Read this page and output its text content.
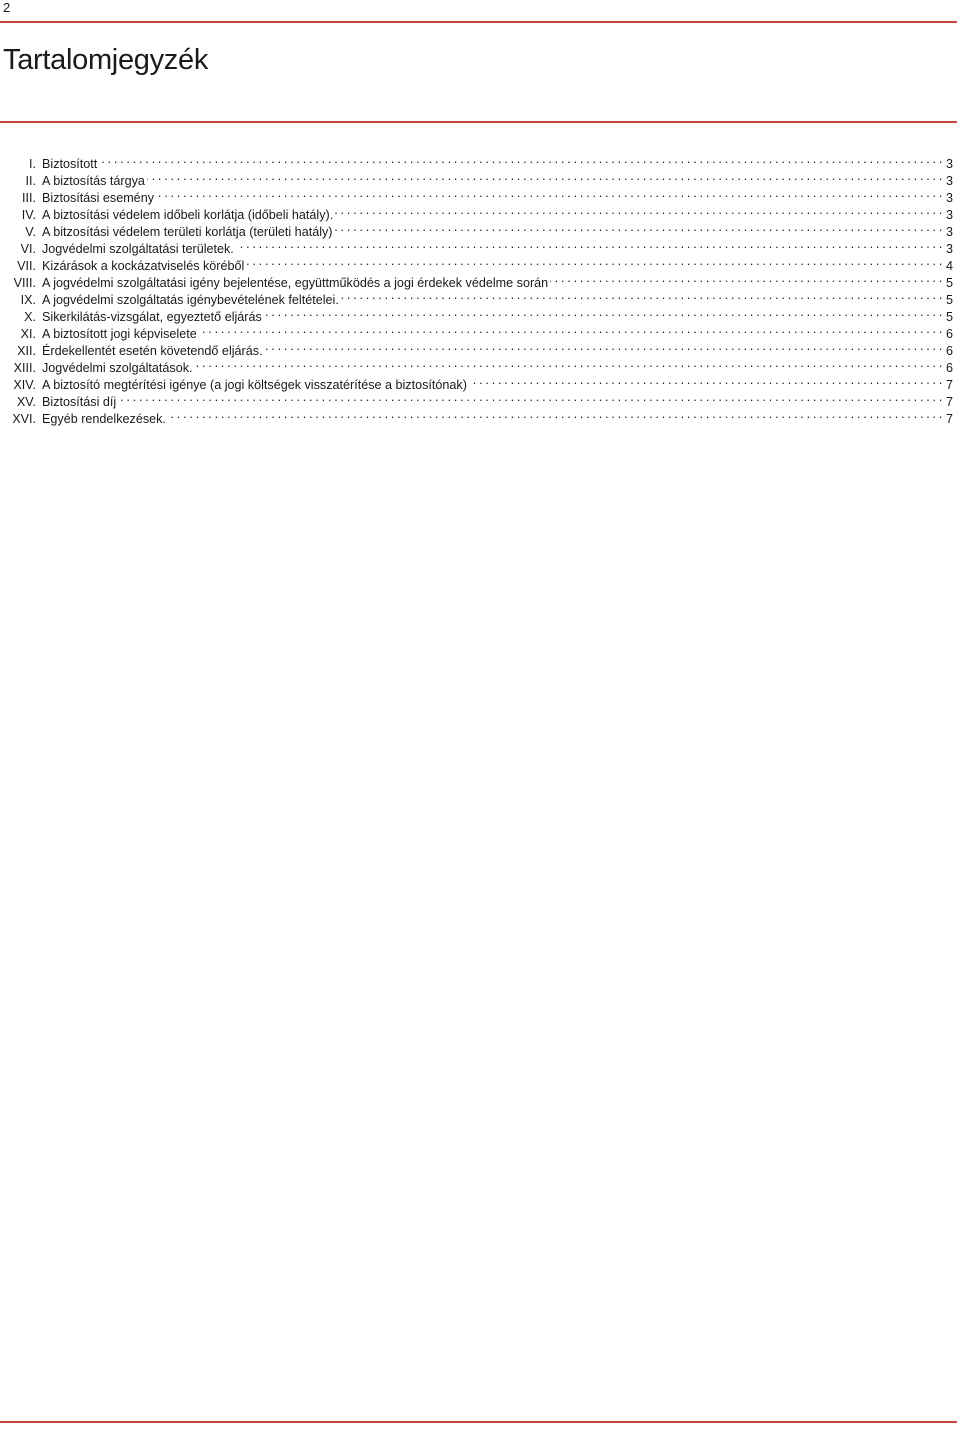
2
Tartalomjegyzék
I. Biztosított . . .	3
II. A biztosítás tárgya . . .	3
III. Biztosítási esemény . . .	3
IV. A biztosítási védelem időbeli korlátja (időbeli hatály). . . .	3
V. A bitzosítási védelem területi korlátja (területi hatály) . . .	3
VI. Jogvédelmi szolgáltatási területek. . . .	3
VII. Kizárások a kockázatviselés köréből . . .	4
VIII. A jogvédelmi szolgáltatási igény bejelentése, együttműködés a jogi érdekek védelme során . . .	5
IX. A jogvédelmi szolgáltatás igénybevételének feltételei. . . .	5
X. Sikerkilátás-vizsgálat, egyeztető eljárás . . .	5
XI. A biztosított jogi képviselete . . .	6
XII. Érdekellentét esetén követendő eljárás. . . .	6
XIII. Jogvédelmi szolgáltatások. . . .	6
XIV. A biztosító megtérítési igénye (a jogi költségek visszatérítése a biztosítónak) . . .	7
XV. Biztosítási díj . . .	7
XVI. Egyéb rendelkezések. . . .	7
